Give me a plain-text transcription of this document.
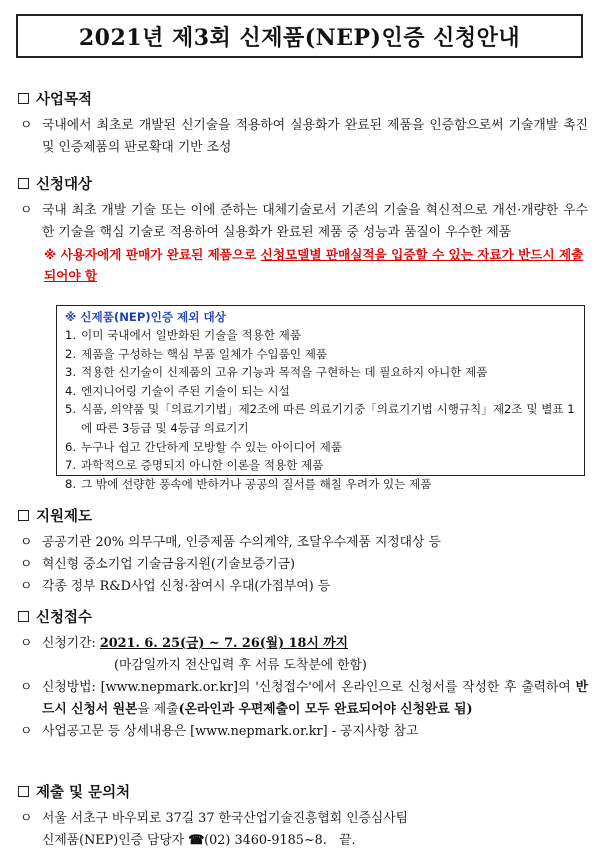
2021년 제3회 신제품(NEP)인증 신청안내
사업목적
ㅇ 국내에서 최초로 개발된 신기술을 적용하여 실용화가 완료된 제품을 인증함으로써 기술개발 촉진 및 인증제품의 판로확대 기반 조성
신청대상
ㅇ 국내 최초 개발 기술 또는 이에 준하는 대체기술로서 기존의 기술을 혁신적으로 개선·개량한 우수한 기술을 핵심 기술로 적용하여 실용화가 완료된 제품 중 성능과 품질이 우수한 제품
※ 사용자에게 판매가 완료된 제품으로 신청모델별 판매실적을 입증할 수 있는 자료가 반드시 제출되어야 함
※ 신제품(NEP)인증 제외 대상
1. 이미 국내에서 일반화된 기술을 적용한 제품
2. 제품을 구성하는 핵심 부품 일체가 수입품인 제품
3. 적용한 신기술이 신제품의 고유 기능과 목적을 구현하는 데 필요하지 아니한 제품
4. 엔지니어링 기술이 주된 기술이 되는 시설
5. 식품, 의약품 및「의료기기법」제2조에 따른 의료기기중「의료기기법 시행규칙」제2조 및 별표 1에 따른 3등급 및 4등급 의료기기
6. 누구나 쉽고 간단하게 모방할 수 있는 아이디어 제품
7. 과학적으로 증명되지 아니한 이론을 적용한 제품
8. 그 밖에 선량한 풍속에 반하거나 공공의 질서를 해칠 우려가 있는 제품
지원제도
ㅇ 공공기관 20% 의무구매, 인증제품 수의계약, 조달우수제품 지정대상 등
ㅇ 혁신형 중소기업 기술금융지원(기술보증기금)
ㅇ 각종 정부 R&D사업 신청·참여시 우대(가점부여) 등
신청접수
ㅇ 신청기간: 2021. 6. 25(금) ~ 7. 26(월) 18시 까지
(마감일까지 전산입력 후 서류 도착분에 한함)
ㅇ 신청방법: [www.nepmark.or.kr]의 '신청접수'에서 온라인으로 신청서를 작성한 후 출력하여 반드시 신청서 원본을 제출(온라인과 우편제출이 모두 완료되어야 신청완료 됨)
ㅇ 사업공고문 등 상세내용은 [www.nepmark.or.kr] - 공지사항 참고
제출 및 문의처
ㅇ 서울 서초구 바우뫼로 37길 37 한국산업기술진흥협회 인증심사팀
신제품(NEP)인증 담당자 ☎(02) 3460-9185~8. 끝.
